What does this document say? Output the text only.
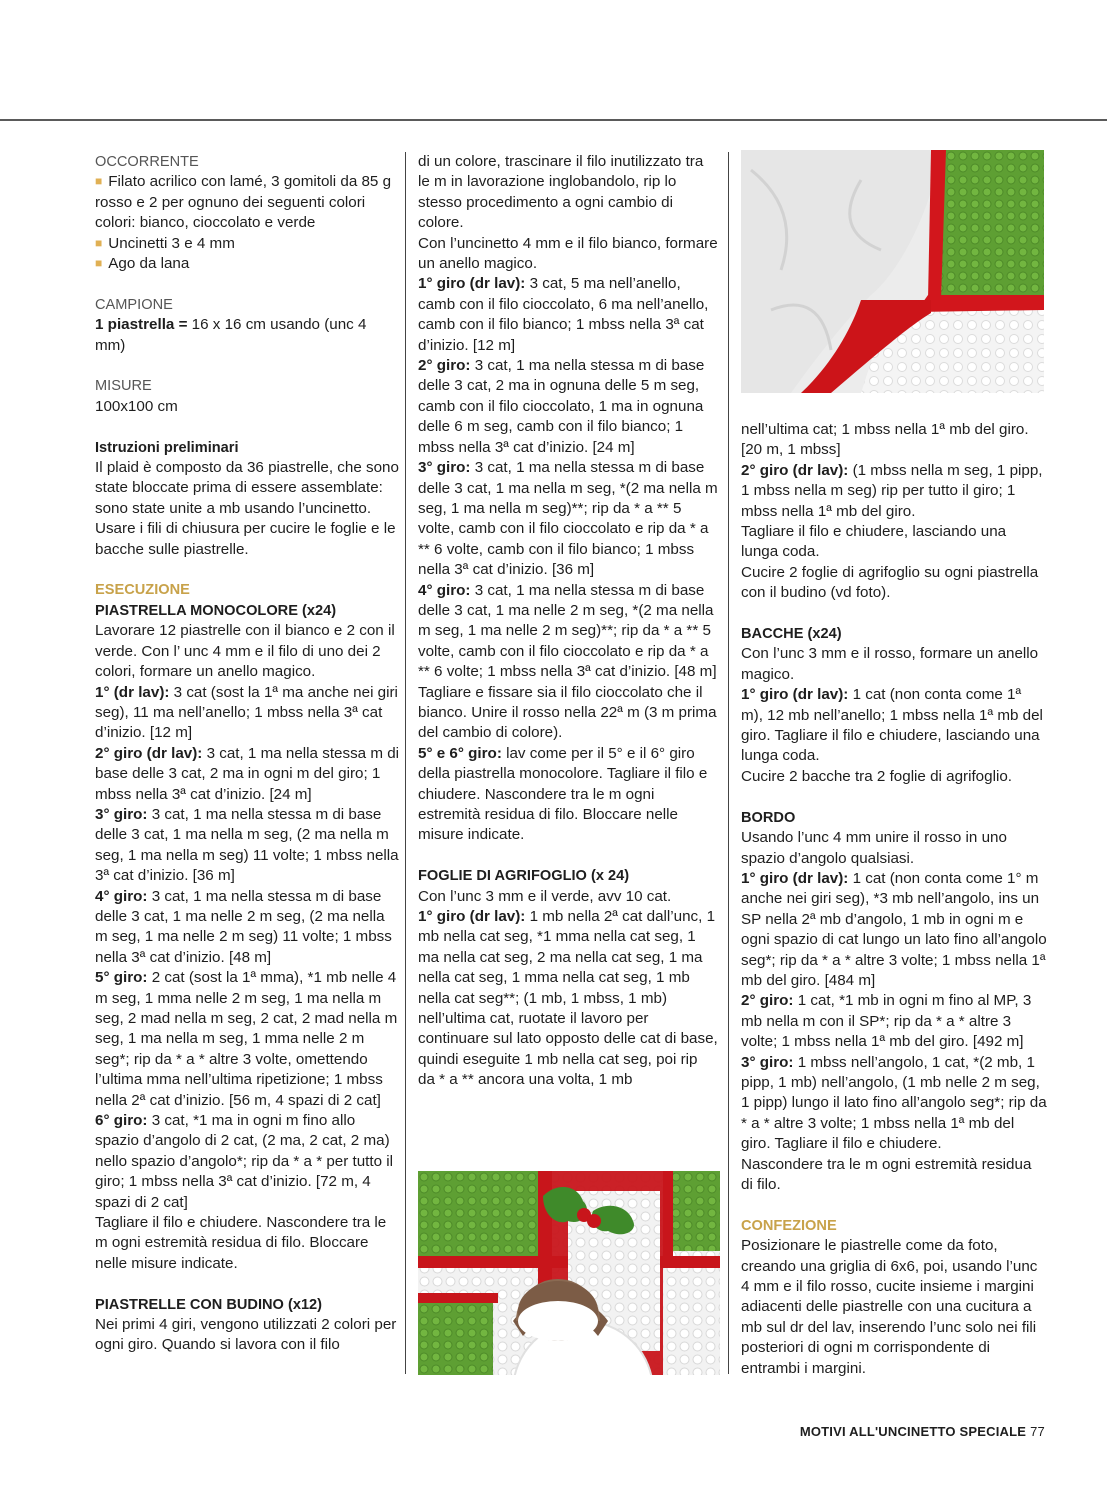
OCCORRENTE

■ Filato acrilico con lamé, 3 gomitoli da 85 g rosso e 2 per ognuno dei seguenti colori colori: bianco, cioccolato e verde

■ Uncinetti 3 e 4 mm

■ Ago da lana

CAMPIONE

1 piastrella = 16 x 16 cm usando (unc 4 mm)

MISURE

100x100 cm

Istruzioni preliminari

Il plaid è composto da 36 piastrelle, che sono state bloccate prima di essere assemblate: sono state unite a mb usando l’uncinetto. Usare i fili di chiusura per cucire le foglie e le bacche sulle piastrelle.

ESECUZIONE

PIASTRELLA MONOCOLORE (x24)

Lavorare 12 piastrelle con il bianco e 2 con il verde. Con l’ unc 4 mm e il filo di uno dei 2 colori, formare un anello magico.

1° (dr lav): 3 cat (sost la 1ª ma anche nei giri seg), 11 ma nell’anello; 1 mbss nella 3ª cat d’inizio. [12 m]

2° giro (dr lav): 3 cat, 1 ma nella stessa m di base delle 3 cat, 2 ma in ogni m del giro; 1 mbss nella 3ª cat d’inizio. [24 m]

3° giro: 3 cat, 1 ma nella stessa m di base delle 3 cat, 1 ma nella m seg, (2 ma nella m seg, 1 ma nella m seg) 11 volte; 1 mbss nella 3ª cat d’inizio. [36 m]

4° giro: 3 cat, 1 ma nella stessa m di base delle 3 cat, 1 ma nelle 2 m seg, (2 ma nella m seg, 1 ma nelle 2 m seg) 11 volte; 1 mbss nella 3ª cat d’inizio. [48 m]

5° giro: 2 cat (sost la 1ª mma), *1 mb nelle 4 m seg, 1 mma nelle 2 m seg, 1 ma nella m seg, 2 mad nella m seg, 2 cat, 2 mad nella m seg, 1 ma nella m seg, 1 mma nelle 2 m seg*; rip da * a * altre 3 volte, omettendo l’ultima mma nell’ultima ripetizione; 1 mbss nella 2ª cat d’inizio. [56 m, 4 spazi di 2 cat]

6° giro: 3 cat, *1 ma in ogni m fino allo spazio d’angolo di 2 cat, (2 ma, 2 cat, 2 ma) nello spazio d’angolo*; rip da * a * per tutto il giro; 1 mbss nella 3ª cat d’inizio. [72 m, 4 spazi di 2 cat]

Tagliare il filo e chiudere. Nascondere tra le m ogni estremità residua di filo. Bloccare nelle misure indicate.

PIASTRELLE CON BUDINO (x12)

Nei primi 4 giri, vengono utilizzati 2 colori per ogni giro. Quando si lavora con il filo

di un colore, trascinare il filo inutilizzato tra le m in lavorazione inglobandolo, rip lo stesso procedimento a ogni cambio di colore.

Con l’uncinetto 4 mm e il filo bianco, formare un anello magico.

1° giro (dr lav): 3 cat, 5 ma nell’anello, camb con il filo cioccolato, 6 ma nell’anello, camb con il filo bianco; 1 mbss nella 3ª cat d’inizio. [12 m]

2° giro: 3 cat, 1 ma nella stessa m di base delle 3 cat, 2 ma in ognuna delle 5 m seg, camb con il filo cioccolato, 1 ma in ognuna delle 6 m seg, camb con il filo bianco; 1 mbss nella 3ª cat d’inizio. [24 m]

3° giro: 3 cat, 1 ma nella stessa m di base delle 3 cat, 1 ma nella m seg, *(2 ma nella m seg, 1 ma nella m seg)**; rip da * a ** 5 volte, camb con il filo cioccolato e rip da * a ** 6 volte, camb con il filo bianco; 1 mbss nella 3ª cat d’inizio. [36 m]

4° giro: 3 cat, 1 ma nella stessa m di base delle 3 cat, 1 ma nelle 2 m seg, *(2 ma nella m seg, 1 ma nelle 2 m seg)**; rip da * a ** 5 volte, camb con il filo cioccolato e rip da * a ** 6 volte; 1 mbss nella 3ª cat d’inizio. [48 m]

Tagliare e fissare sia il filo cioccolato che il bianco. Unire il rosso nella 22ª m (3 m prima del cambio di colore).

5° e 6° giro: lav come per il 5° e il 6° giro della piastrella monocolore. Tagliare il filo e chiudere. Nascondere tra le m ogni estremità residua di filo. Bloccare nelle misure indicate.

FOGLIE DI AGRIFOGLIO (x 24)

Con l’unc 3 mm e il verde, avv 10 cat.

1° giro (dr lav): 1 mb nella 2ª cat dall’unc, 1 mb nella cat seg, *1 mma nella cat seg, 1 ma nella cat seg, 2 ma nella cat seg, 1 ma nella cat seg, 1 mma nella cat seg, 1 mb nella cat seg**; (1 mb, 1 mbss, 1 mb) nell’ultima cat, ruotate il lavoro per continuare sul lato opposto delle cat di base, quindi eseguite 1 mb nella cat seg, poi rip da * a ** ancora una volta, 1 mb

nell’ultima cat; 1 mbss nella 1ª mb del giro. [20 m, 1 mbss]

2° giro (dr lav): (1 mbss nella m seg, 1 pipp, 1 mbss nella m seg) rip per tutto il giro; 1 mbss nella 1ª mb del giro.

Tagliare il filo e chiudere, lasciando una lunga coda.

Cucire 2 foglie di agrifoglio su ogni piastrella con il budino (vd foto).

BACCHE (x24)

Con l’unc 3 mm e il rosso, formare un anello magico.

1° giro (dr lav): 1 cat (non conta come 1ª m), 12 mb nell’anello; 1 mbss nella 1ª mb del giro. Tagliare il filo e chiudere, lasciando una lunga coda.

Cucire 2 bacche tra 2 foglie di agrifoglio.

BORDO

Usando l’unc 4 mm unire il rosso in uno spazio d’angolo qualsiasi.

1° giro (dr lav): 1 cat (non conta come 1° m anche nei giri seg), *3 mb nell’angolo, ins un SP nella 2ª mb d’angolo, 1 mb in ogni m e ogni spazio di cat lungo un lato fino all’angolo seg*; rip da * a * altre 3 volte; 1 mbss nella 1ª mb del giro. [484 m]

2° giro: 1 cat, *1 mb in ogni m fino al MP, 3 mb nella m con il SP*; rip da * a * altre 3 volte; 1 mbss nella 1ª mb del giro. [492 m]

3° giro: 1 mbss nell’angolo, 1 cat, *(2 mb, 1 pipp, 1 mb) nell’angolo, (1 mb nelle 2 m seg, 1 pipp) lungo il lato fino all’angolo seg*; rip da * a * altre 3 volte; 1 mbss nella 1ª mb del giro. Tagliare il filo e chiudere.

Nascondere tra le m ogni estremità residua di filo.

CONFEZIONE

Posizionare le piastrelle come da foto, creando una griglia di 6x6, poi, usando l’unc 4 mm e il filo rosso, cucite insieme i margini adiacenti delle piastrelle con una cucitura a mb sul dr del lav, inserendo l’unc solo nei fili posteriori di ogni m corrispondente di entrambi i margini.

MOTIVI ALL'UNCINETTO SPECIALE 77
